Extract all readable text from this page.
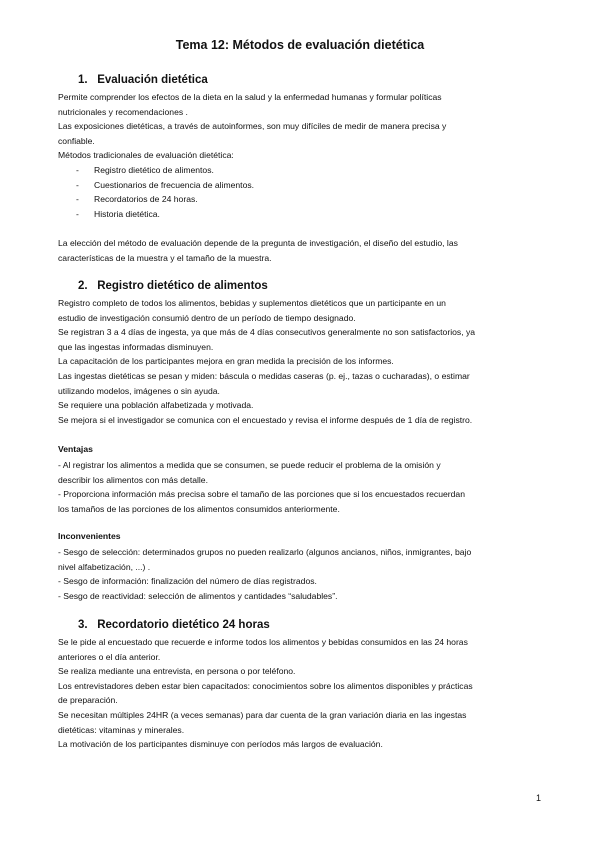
Tema 12: Métodos de evaluación dietética
1. Evaluación dietética
Permite comprender los efectos de la dieta en la salud y la enfermedad humanas y formular políticas
nutricionales y recomendaciones .
Las exposiciones dietéticas, a través de autoinformes, son muy difíciles de medir de manera precisa y
confiable.
Métodos tradicionales de evaluación dietética:
- Registro dietético de alimentos.
- Cuestionarios de frecuencia de alimentos.
- Recordatorios de 24 horas.
- Historia dietética.
La elección del método de evaluación depende de la pregunta de investigación, el diseño del estudio, las
características de la muestra y el tamaño de la muestra.
2. Registro dietético de alimentos
Registro completo de todos los alimentos, bebidas y suplementos dietéticos que un participante en un
estudio de investigación consumió dentro de un período de tiempo designado.
Se registran 3 a 4 días de ingesta, ya que más de 4 días consecutivos generalmente no son satisfactorios, ya
que las ingestas informadas disminuyen.
La capacitación de los participantes mejora en gran medida la precisión de los informes.
Las ingestas dietéticas se pesan y miden: báscula o medidas caseras (p. ej., tazas o cucharadas), o estimar
utilizando modelos, imágenes o sin ayuda.
Se requiere una población alfabetizada y motivada.
Se mejora si el investigador se comunica con el encuestado y revisa el informe después de 1 día de registro.
Ventajas
- Al registrar los alimentos a medida que se consumen, se puede reducir el problema de la omisión y
describir los alimentos con más detalle.
- Proporciona información más precisa sobre el tamaño de las porciones que si los encuestados recuerdan
los tamaños de las porciones de los alimentos consumidos anteriormente.
Inconvenientes
- Sesgo de selección: determinados grupos no pueden realizarlo (algunos ancianos, niños, inmigrantes, bajo
nivel alfabetización, ...) .
- Sesgo de información: finalización del número de días registrados.
- Sesgo de reactividad: selección de alimentos y cantidades “saludables”.
3. Recordatorio dietético 24 horas
Se le pide al encuestado que recuerde e informe todos los alimentos y bebidas consumidos en las 24 horas
anteriores o el día anterior.
Se realiza mediante una entrevista, en persona o por teléfono.
Los entrevistadores deben estar bien capacitados: conocimientos sobre los alimentos disponibles y prácticas
de preparación.
Se necesitan múltiples 24HR (a veces semanas) para dar cuenta de la gran variación diaria en las ingestas
dietéticas: vitaminas y minerales.
La motivación de los participantes disminuye con períodos más largos de evaluación.
1
